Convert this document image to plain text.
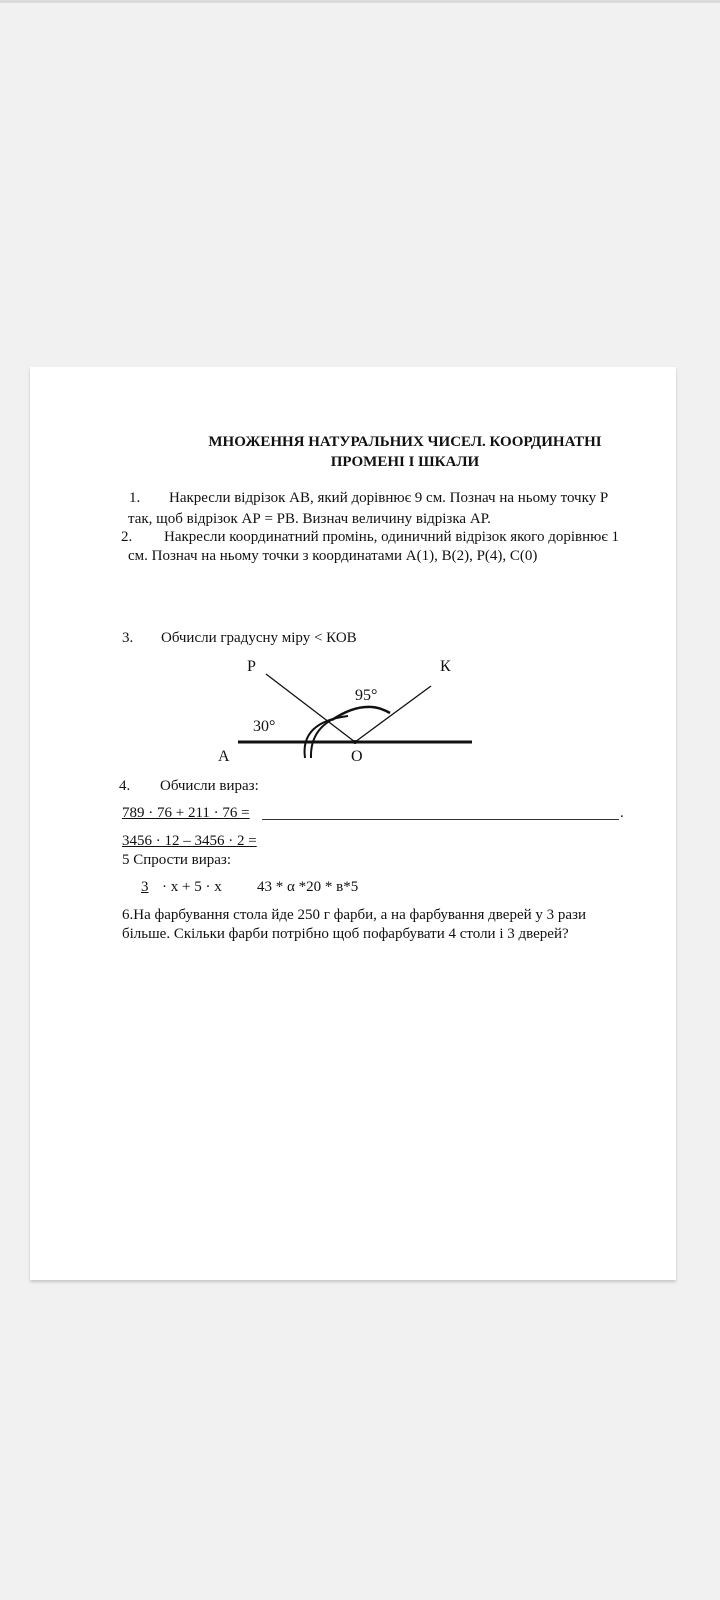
МНОЖЕННЯ НАТУРАЛЬНИХ ЧИСЕЛ. КООРДИНАТНІ
ПРОМЕНІ І ШКАЛИ
1. Накресли відрізок АВ, який дорівнює 9 см. Познач на ньому точку Р
так, щоб відрізок АР = РВ. Визнач величину відрізка АР.
2. Накресли координатний промінь, одиничний відрізок якого дорівнює 1
см. Познач на ньому точки з координатами А(1), В(2), Р(4), С(0)
3. Обчисли градусну міру < КОВ
Р	К
95°
30°
А	О
4. Обчисли вираз:
789 · 76 + 211 · 76 =	.
3456 · 12 – 3456 · 2 =
5 Спрости вираз:
3 · х + 5 · х 43 * α *20 * в*5
6.На фарбування стола йде 250 г фарби, а на фарбування дверей у 3 рази
більше. Скільки фарби потрібно щоб пофарбувати 4 столи і 3 дверей?
